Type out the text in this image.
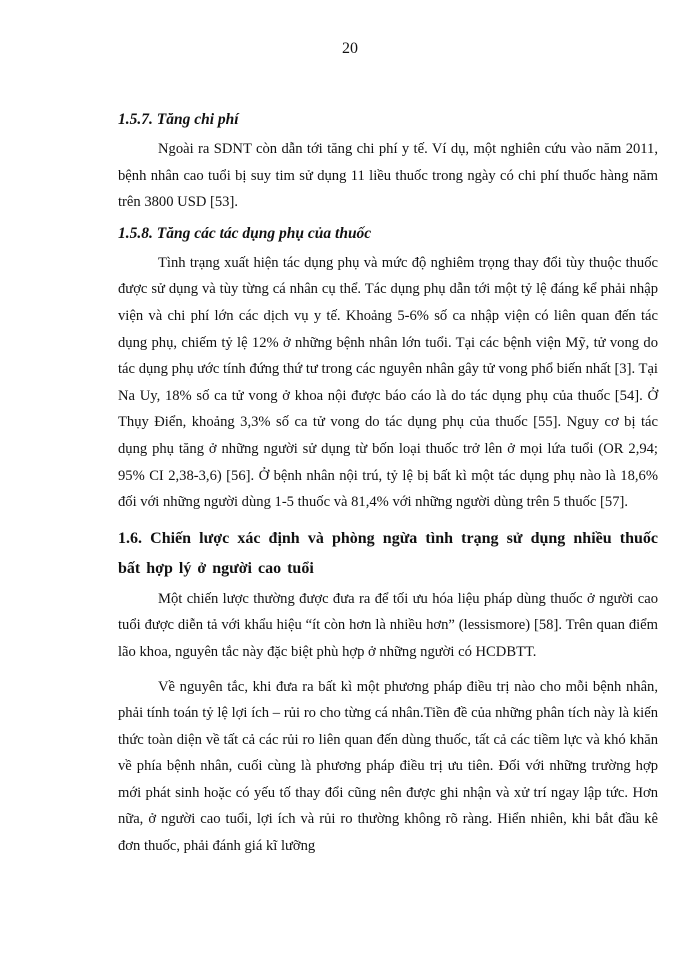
20
1.5.7. Tăng chi phí

Ngoài ra SDNT còn dẫn tới tăng chi phí y tế. Ví dụ, một nghiên cứu vào năm 2011, bệnh nhân cao tuổi bị suy tim sử dụng 11 liều thuốc trong ngày có chi phí thuốc hàng năm trên 3800 USD [53].

1.5.8. Tăng các tác dụng phụ của thuốc

Tình trạng xuất hiện tác dụng phụ và mức độ nghiêm trọng thay đổi tùy thuộc thuốc được sử dụng và tùy từng cá nhân cụ thể. Tác dụng phụ dẫn tới một tỷ lệ đáng kể phải nhập viện và chi phí lớn các dịch vụ y tế. Khoảng 5-6% số ca nhập viện có liên quan đến tác dụng phụ, chiếm tỷ lệ 12% ở những bệnh nhân lớn tuổi. Tại các bệnh viện Mỹ, tử vong do tác dụng phụ ước tính đứng thứ tư trong các nguyên nhân gây tử vong phổ biến nhất [3]. Tại Na Uy, 18% số ca tử vong ở khoa nội được báo cáo là do tác dụng phụ của thuốc [54]. Ở Thụy Điển, khoảng 3,3% số ca tử vong do tác dụng phụ của thuốc [55]. Nguy cơ bị tác dụng phụ tăng ở những người sử dụng từ bốn loại thuốc trở lên ở mọi lứa tuổi (OR 2,94; 95% CI 2,38-3,6) [56]. Ở bệnh nhân nội trú, tỷ lệ bị bất kì một tác dụng phụ nào là 18,6% đối với những người dùng 1-5 thuốc và 81,4% với những người dùng trên 5 thuốc [57].

1.6. Chiến lược xác định và phòng ngừa tình trạng sử dụng nhiều thuốc bất hợp lý ở người cao tuổi

Một chiến lược thường được đưa ra để tối ưu hóa liệu pháp dùng thuốc ở người cao tuổi được diễn tả với khẩu hiệu “ít còn hơn là nhiều hơn” (lessismore) [58]. Trên quan điểm lão khoa, nguyên tắc này đặc biệt phù hợp ở những người có HCDBTT.

Về nguyên tắc, khi đưa ra bất kì một phương pháp điều trị nào cho mỗi bệnh nhân, phải tính toán tỷ lệ lợi ích – rủi ro cho từng cá nhân.Tiền đề của những phân tích này là kiến thức toàn diện về tất cả các rủi ro liên quan đến dùng thuốc, tất cả các tiềm lực và khó khăn về phía bệnh nhân, cuối cùng là phương pháp điều trị ưu tiên. Đối với những trường hợp mới phát sinh hoặc có yếu tố thay đổi cũng nên được ghi nhận và xử trí ngay lập tức. Hơn nữa, ở người cao tuổi, lợi ích và rủi ro thường không rõ ràng. Hiển nhiên, khi bắt đầu kê đơn thuốc, phải đánh giá kĩ lưỡng
